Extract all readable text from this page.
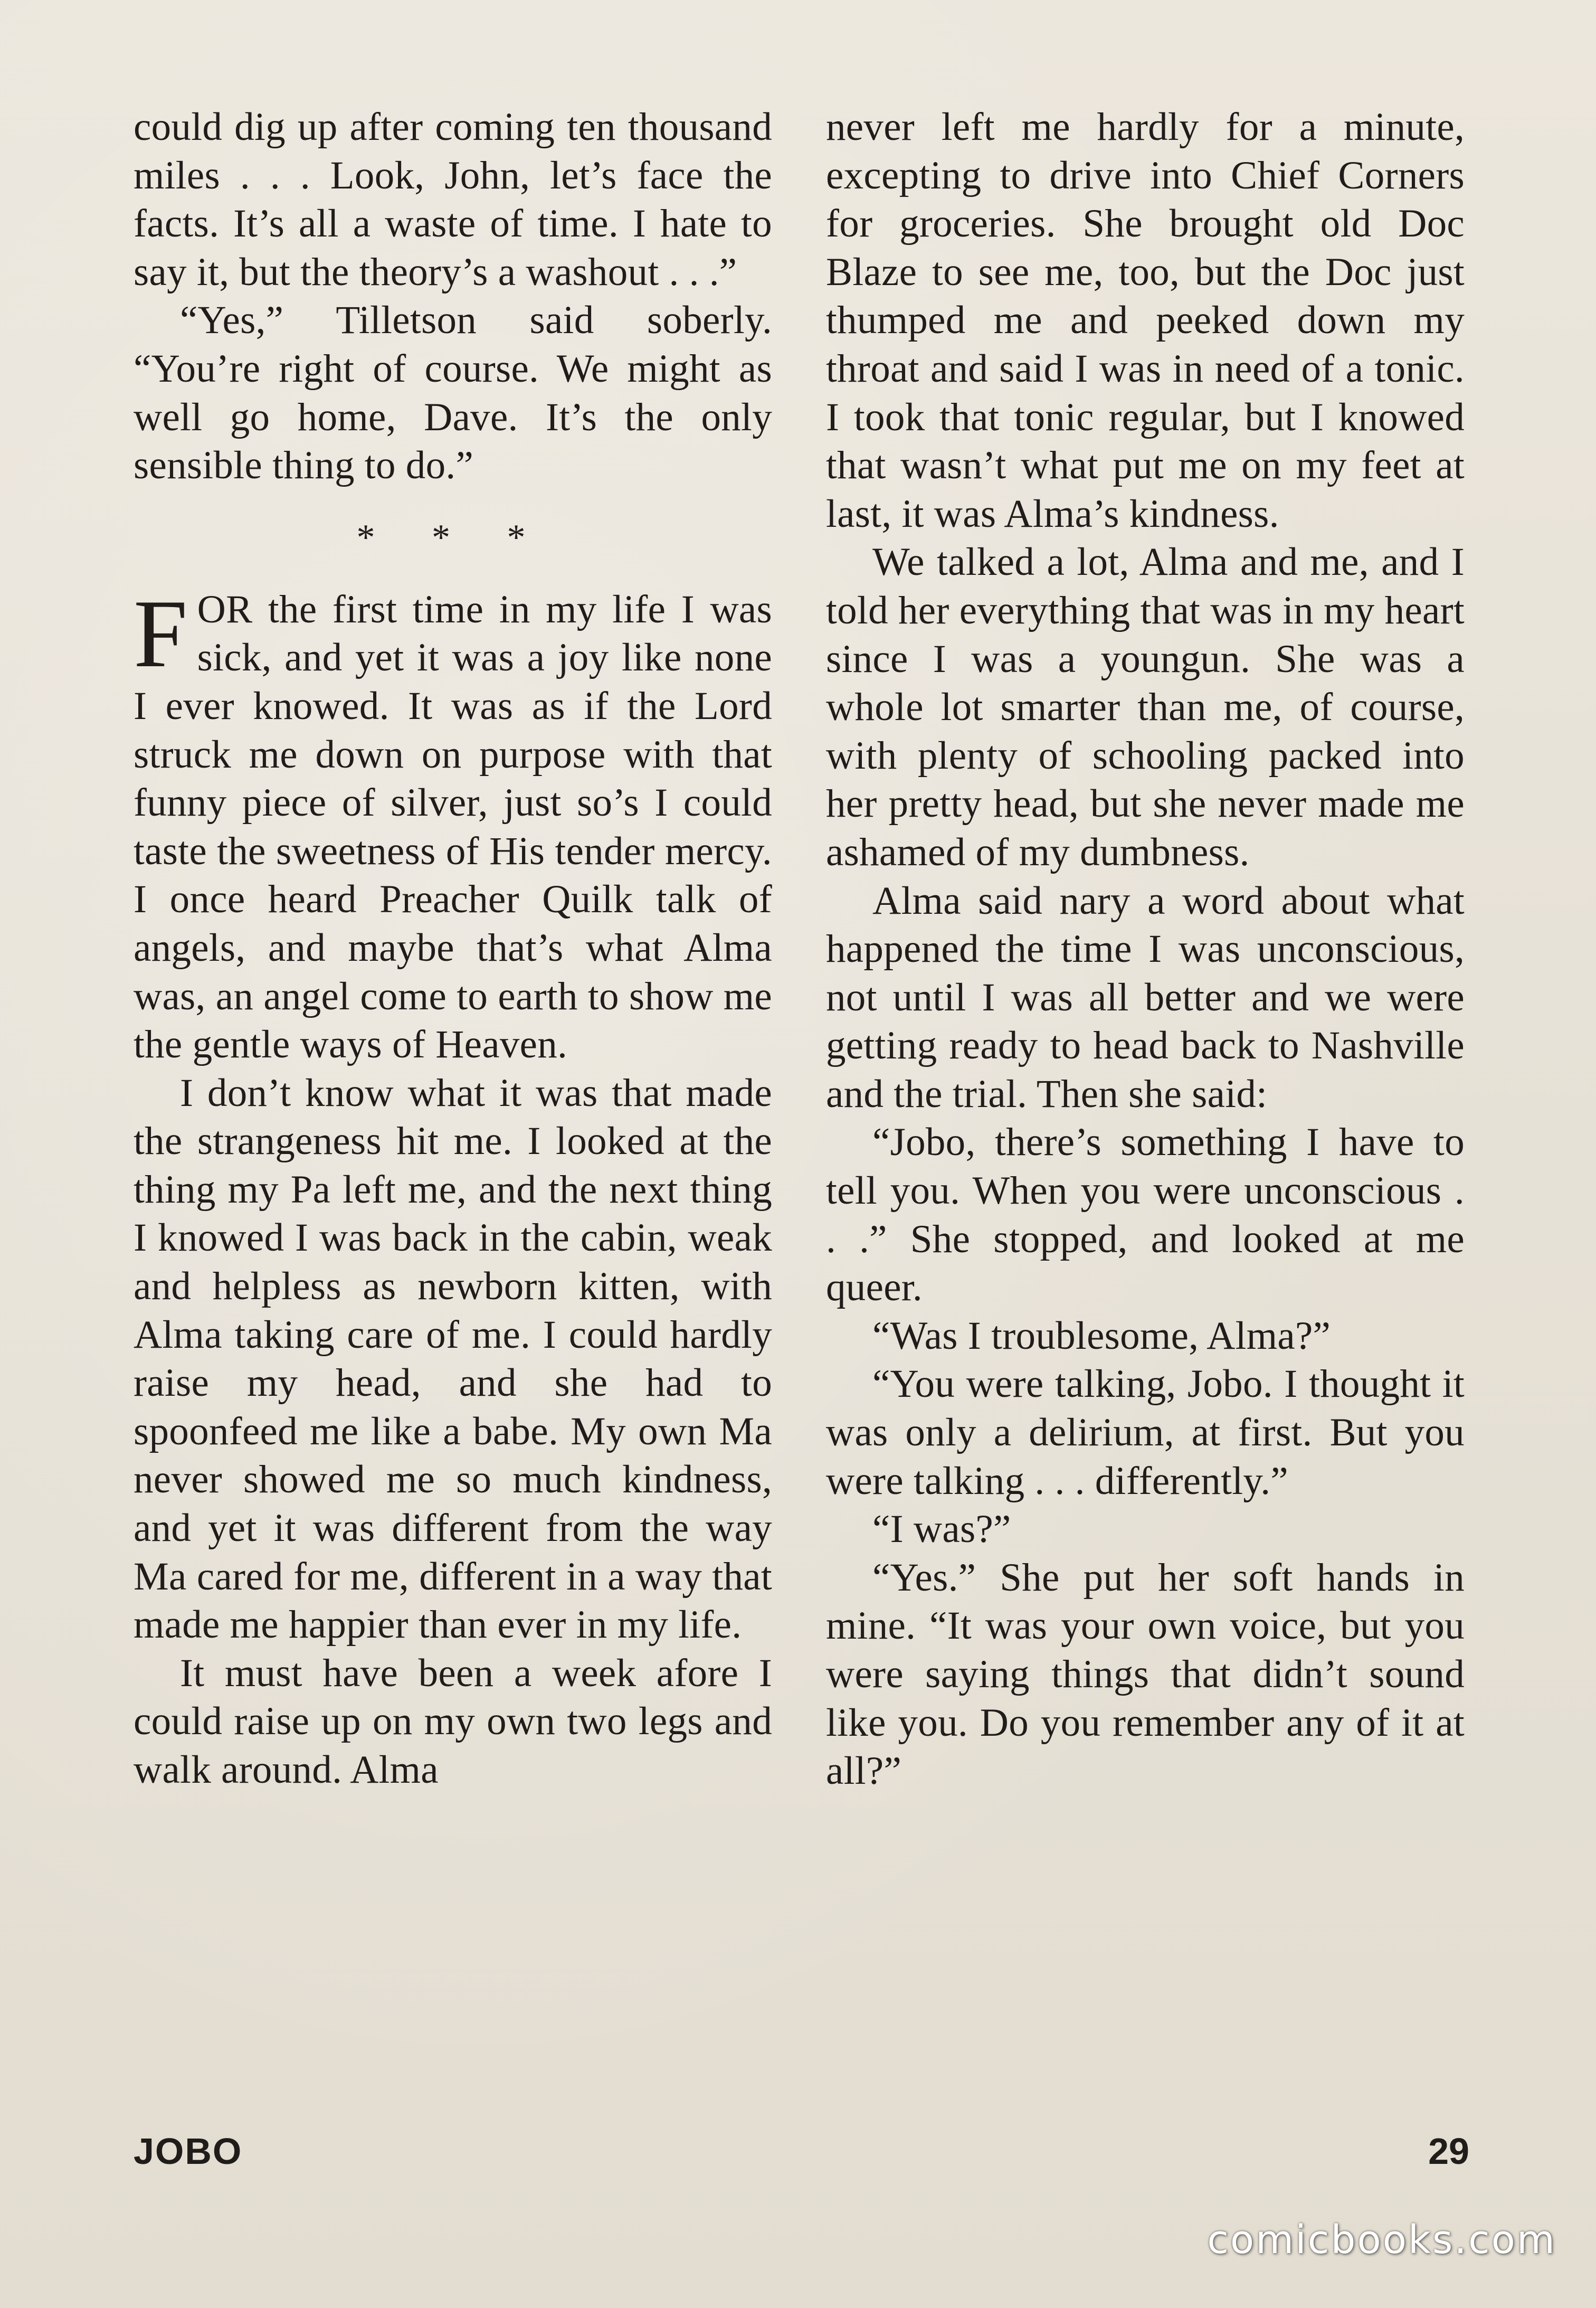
could dig up after coming ten thousand miles . . . Look, John, let’s face the facts. It’s all a waste of time. I hate to say it, but the theory’s a washout . . .”

“Yes,” Tilletson said soberly. “You’re right of course. We might as well go home, Dave. It’s the only sensible thing to do.”

* * *

FOR the first time in my life I was sick, and yet it was a joy like none I ever knowed. It was as if the Lord struck me down on purpose with that funny piece of silver, just so’s I could taste the sweetness of His tender mercy. I once heard Preacher Quilk talk of angels, and maybe that’s what Alma was, an angel come to earth to show me the gentle ways of Heaven.

I don’t know what it was that made the strangeness hit me. I looked at the thing my Pa left me, and the next thing I knowed I was back in the cabin, weak and helpless as newborn kitten, with Alma taking care of me. I could hardly raise my head, and she had to spoonfeed me like a babe. My own Ma never showed me so much kindness, and yet it was different from the way Ma cared for me, different in a way that made me happier than ever in my life.

It must have been a week afore I could raise up on my own two legs and walk around. Alma

never left me hardly for a minute, excepting to drive into Chief Corners for groceries. She brought old Doc Blaze to see me, too, but the Doc just thumped me and peeked down my throat and said I was in need of a tonic. I took that tonic regular, but I knowed that wasn’t what put me on my feet at last, it was Alma’s kindness.

We talked a lot, Alma and me, and I told her everything that was in my heart since I was a youngun. She was a whole lot smarter than me, of course, with plenty of schooling packed into her pretty head, but she never made me ashamed of my dumbness.

Alma said nary a word about what happened the time I was unconscious, not until I was all better and we were getting ready to head back to Nashville and the trial. Then she said:

“Jobo, there’s something I have to tell you. When you were unconscious . . .” She stopped, and looked at me queer.

“Was I troublesome, Alma?”

“You were talking, Jobo. I thought it was only a delirium, at first. But you were talking . . . differently.”

“I was?”

“Yes.” She put her soft hands in mine. “It was your own voice, but you were saying things that didn’t sound like you. Do you remember any of it at all?”

JOBO	29
comicbooks.com
